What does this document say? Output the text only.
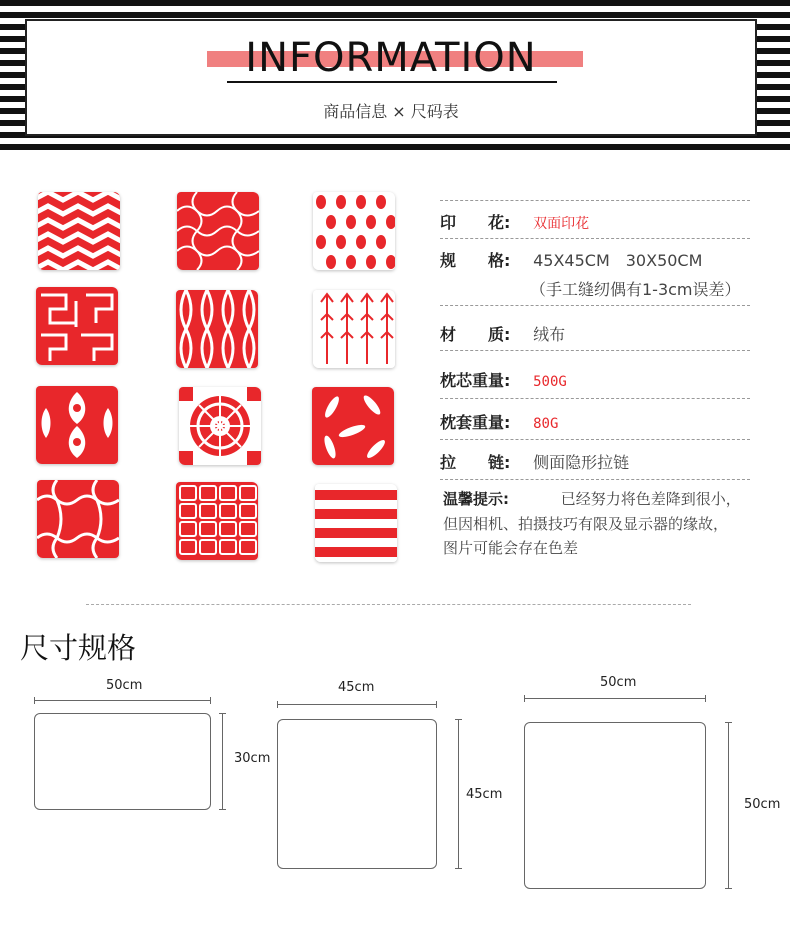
INFORMATION
商品信息 × 尺码表
印　　花: 双面印花
规　　格: 45X45CM　30X50CM
（手工缝纫偶有1-3cm误差）
材　　质: 绒布
枕芯重量: 500G
枕套重量: 80G
拉　　链: 侧面隐形拉链
温馨提示:	已经努力将色差降到很小，
但因相机、拍摄技巧有限及显示器的缘故，
图片可能会存在色差
尺寸规格
50cm
30cm
45cm
45cm
50cm
50cm
